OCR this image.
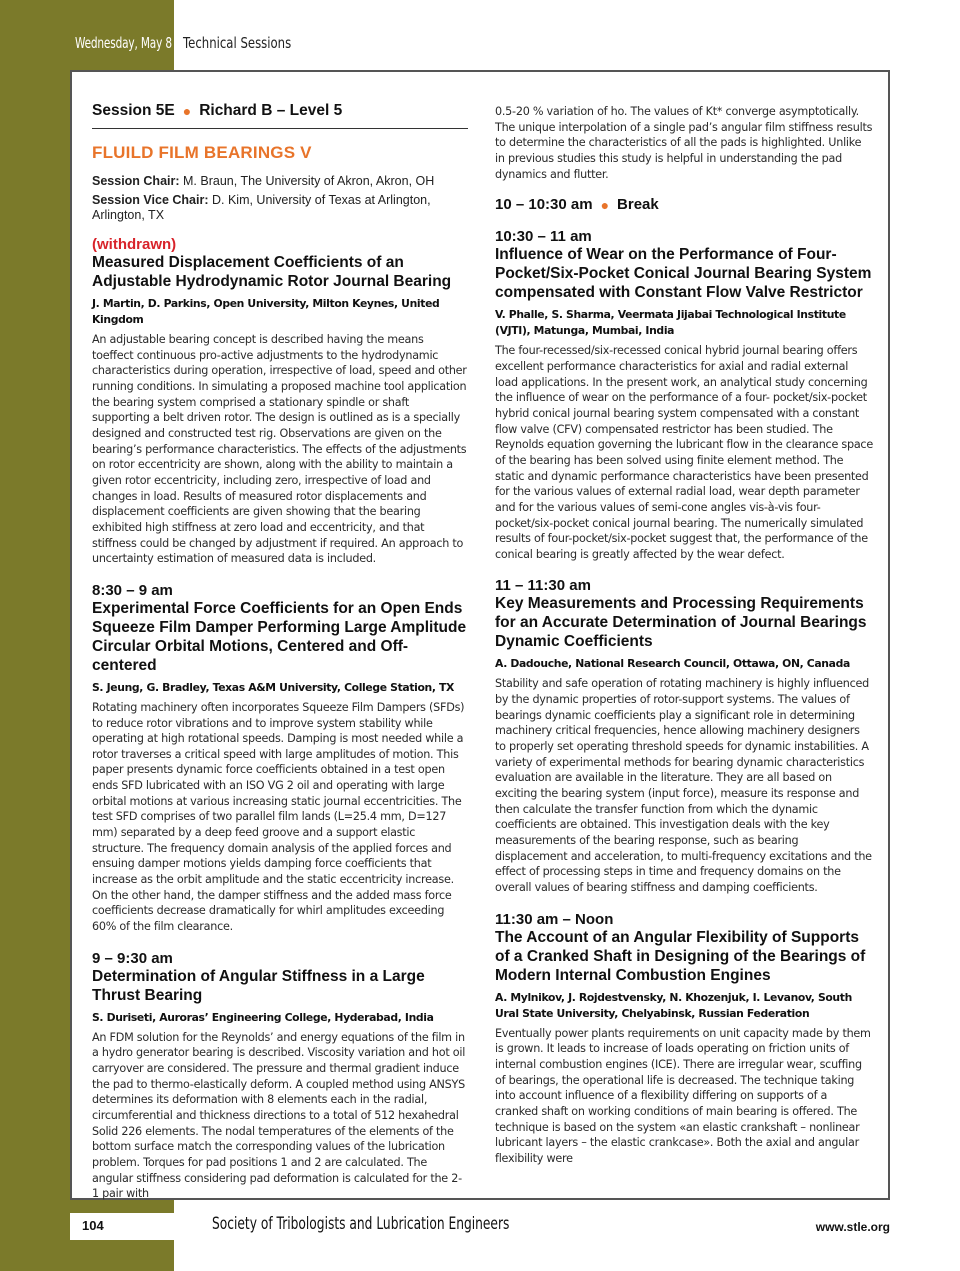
Wednesday, May 8 Technical Sessions
Session 5E ● Richard B – Level 5
FLUILD FILM BEARINGS V
Session Chair: M. Braun, The University of Akron, Akron, OH
Session Vice Chair: D. Kim, University of Texas at Arlington, Arlington, TX
(withdrawn)
Measured Displacement Coefficients of an Adjustable Hydrodynamic Rotor Journal Bearing
J. Martin, D. Parkins, Open University, Milton Keynes, United Kingdom
An adjustable bearing concept is described having the means toeffect continuous pro-active adjustments to the hydrodynamic characteristics during operation, irrespective of load, speed and other running conditions. In simulating a proposed machine tool application the bearing system comprised a stationary spindle or shaft supporting a belt driven rotor. The design is outlined as is a specially designed and constructed test rig. Observations are given on the bearing’s performance characteristics. The effects of the adjustments on rotor eccentricity are shown, along with the ability to maintain a given rotor eccentricity, including zero, irrespective of load and changes in load. Results of measured rotor displacements and displacement coefficients are given showing that the bearing exhibited high stiffness at zero load and eccentricity, and that stiffness could be changed by adjustment if required. An approach to uncertainty estimation of measured data is included.
8:30 – 9 am
Experimental Force Coefficients for an Open Ends Squeeze Film Damper Performing Large Amplitude Circular Orbital Motions, Centered and Off-centered
S. Jeung, G. Bradley, Texas A&M University, College Station, TX
Rotating machinery often incorporates Squeeze Film Dampers (SFDs) to reduce rotor vibrations and to improve system stability while operating at high rotational speeds. Damping is most needed while a rotor traverses a critical speed with large amplitudes of motion. This paper presents dynamic force coefficients obtained in a test open ends SFD lubricated with an ISO VG 2 oil and operating with large orbital motions at various increasing static journal eccentricities. The test SFD comprises of two parallel film lands (L=25.4 mm, D=127 mm) separated by a deep feed groove and a support elastic structure. The frequency domain analysis of the applied forces and ensuing damper motions yields damping force coefficients that increase as the orbit amplitude and the static eccentricity increase. On the other hand, the damper stiffness and the added mass force coefficients decrease dramatically for whirl amplitudes exceeding 60% of the film clearance.
9 – 9:30 am
Determination of Angular Stiffness in a Large Thrust Bearing
S. Duriseti, Auroras’ Engineering College, Hyderabad, India
An FDM solution for the Reynolds’ and energy equations of the film in a hydro generator bearing is described. Viscosity variation and hot oil carryover are considered. The pressure and thermal gradient induce the pad to thermo-elastically deform. A coupled method using ANSYS determines its deformation with 8 elements each in the radial, circumferential and thickness directions to a total of 512 hexahedral Solid 226 elements. The nodal temperatures of the elements of the bottom surface match the corresponding values of the lubrication problem. Torques for pad positions 1 and 2 are calculated. The angular stiffness considering pad deformation is calculated for the 2-1 pair with
0.5-20 % variation of ho. The values of Kt* converge asymptotically. The unique interpolation of a single pad’s angular film stiffness results to determine the characteristics of all the pads is highlighted. Unlike in previous studies this study is helpful in understanding the pad dynamics and flutter.
10 – 10:30 am ● Break
10:30 – 11 am
Influence of Wear on the Performance of Four-Pocket/Six-Pocket Conical Journal Bearing System compensated with Constant Flow Valve Restrictor
V. Phalle, S. Sharma, Veermata Jijabai Technological Institute (VJTI), Matunga, Mumbai, India
The four-recessed/six-recessed conical hybrid journal bearing offers excellent performance characteristics for axial and radial external load applications. In the present work, an analytical study concerning the influence of wear on the performance of a four- pocket/six-pocket hybrid conical journal bearing system compensated with a constant flow valve (CFV) compensated restrictor has been studied. The Reynolds equation governing the lubricant flow in the clearance space of the bearing has been solved using finite element method. The static and dynamic performance characteristics have been presented for the various values of external radial load, wear depth parameter and for the various values of semi-cone angles vis-à-vis four-pocket/six-pocket conical journal bearing. The numerically simulated results of four-pocket/six-pocket suggest that, the performance of the conical bearing is greatly affected by the wear defect.
11 – 11:30 am
Key Measurements and Processing Requirements for an Accurate Determination of Journal Bearings Dynamic Coefficients
A. Dadouche, National Research Council, Ottawa, ON, Canada
Stability and safe operation of rotating machinery is highly influenced by the dynamic properties of rotor-support systems. The values of bearings dynamic coefficients play a significant role in determining machinery critical frequencies, hence allowing machinery designers to properly set operating threshold speeds for dynamic instabilities. A variety of experimental methods for bearing dynamic characteristics evaluation are available in the literature. They are all based on exciting the bearing system (input force), measure its response and then calculate the transfer function from which the dynamic coefficients are obtained. This investigation deals with the key measurements of the bearing response, such as bearing displacement and acceleration, to multi-frequency excitations and the effect of processing steps in time and frequency domains on the overall values of bearing stiffness and damping coefficients.
11:30 am – Noon
The Account of an Angular Flexibility of Supports of a Cranked Shaft in Designing of the Bearings of Modern Internal Combustion Engines
A. Mylnikov, J. Rojdestvensky, N. Khozenjuk, I. Levanov, South Ural State University, Chelyabinsk, Russian Federation
Eventually power plants requirements on unit capacity made by them is grown. It leads to increase of loads operating on friction units of internal combustion engines (ICE). There are irregular wear, scuffing of bearings, the operational life is decreased. The technique taking into account influence of a flexibility differing on supports of a cranked shaft on working conditions of main bearing is offered. The technique is based on the system «an elastic crankshaft – nonlinear lubricant layers – the elastic crankcase». Both the axial and angular flexibility were
104	Society of Tribologists and Lubrication Engineers	www.stle.org
